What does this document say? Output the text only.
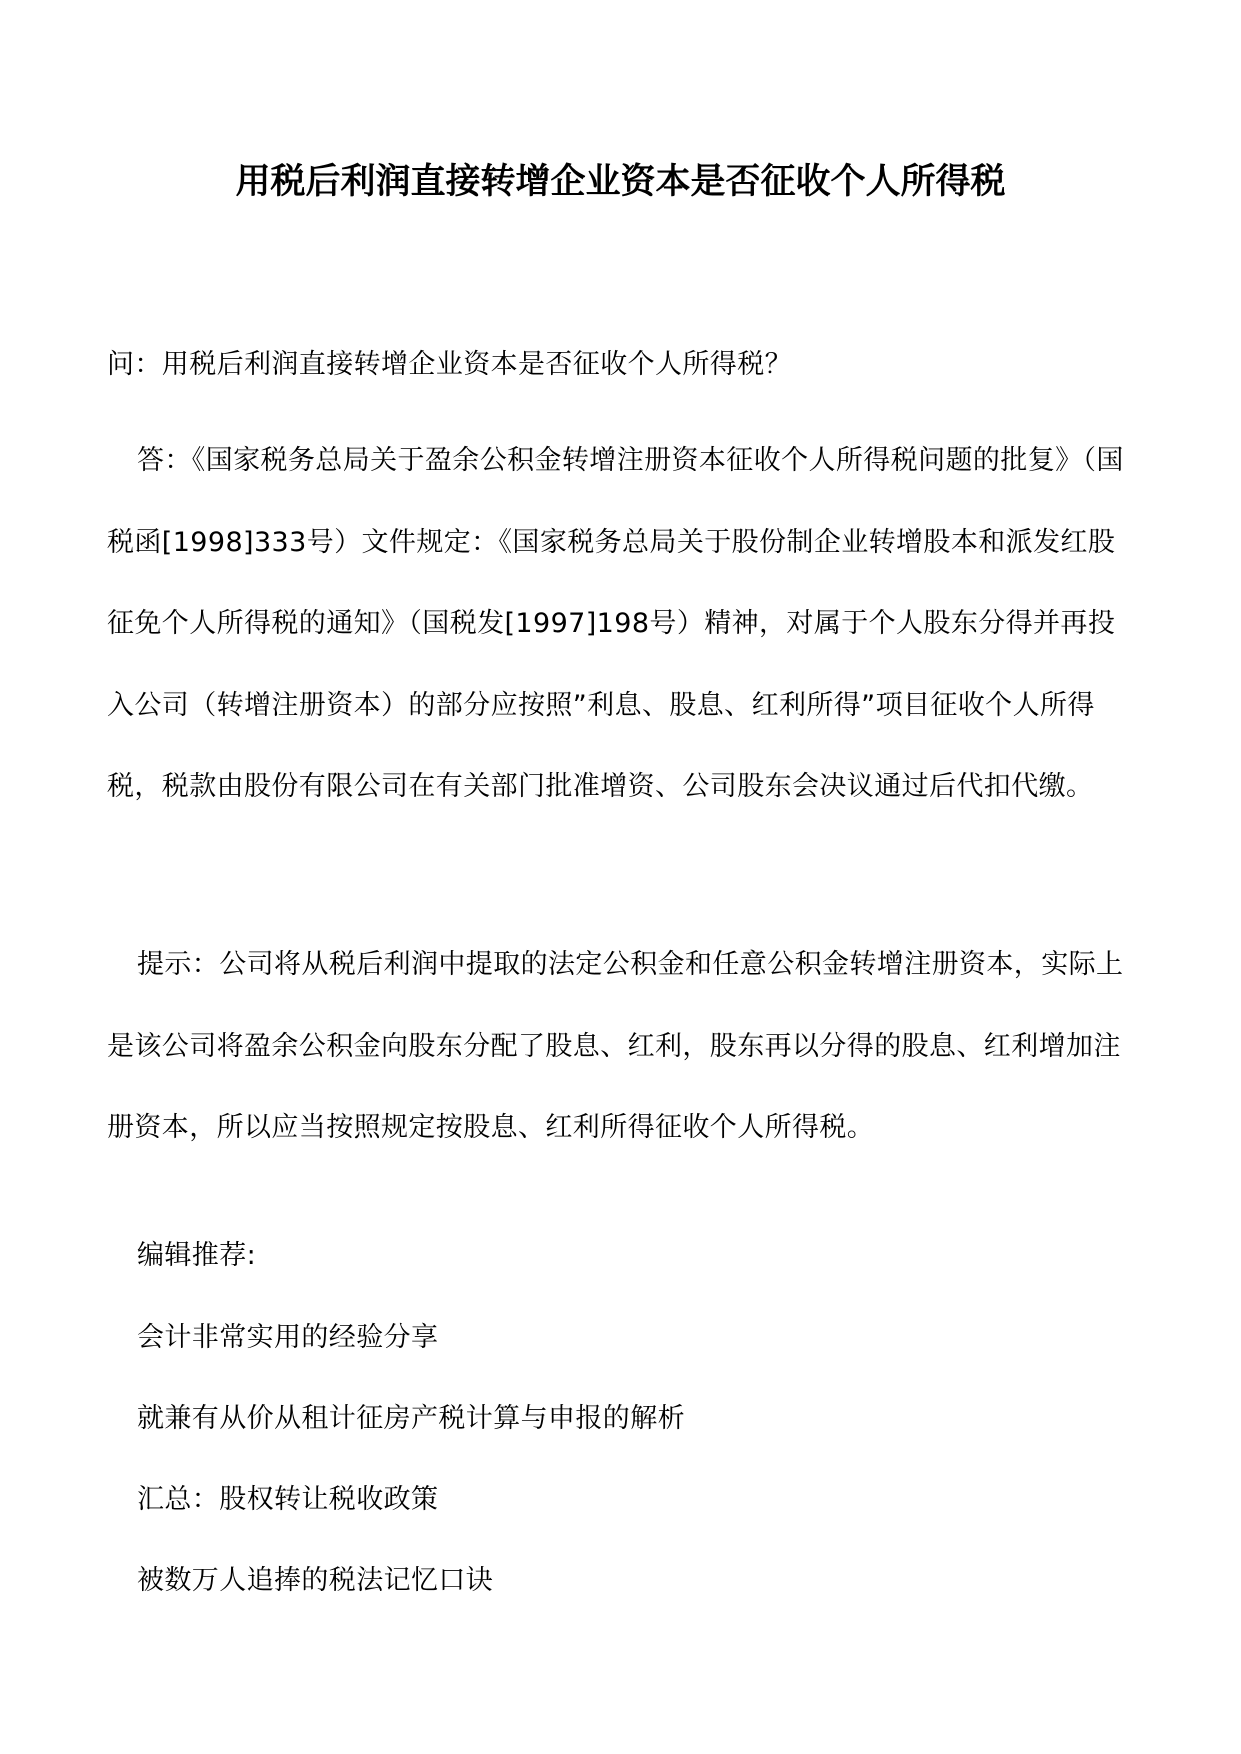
用税后利润直接转增企业资本是否征收个人所得税

问：用税后利润直接转增企业资本是否征收个人所得税？

答：《国家税务总局关于盈余公积金转增注册资本征收个人所得税问题的批复》（国税函[1998]333号）文件规定：《国家税务总局关于股份制企业转增股本和派发红股征免个人所得税的通知》（国税发[1997]198号）精神，对属于个人股东分得并再投入公司（转增注册资本）的部分应按照”利息、股息、红利所得”项目征收个人所得税，税款由股份有限公司在有关部门批准增资、公司股东会决议通过后代扣代缴。

提示：公司将从税后利润中提取的法定公积金和任意公积金转增注册资本，实际上是该公司将盈余公积金向股东分配了股息、红利，股东再以分得的股息、红利增加注册资本，所以应当按照规定按股息、红利所得征收个人所得税。

编辑推荐:

会计非常实用的经验分享
就兼有从价从租计征房产税计算与申报的解析
汇总：股权转让税收政策
被数万人追捧的税法记忆口诀
